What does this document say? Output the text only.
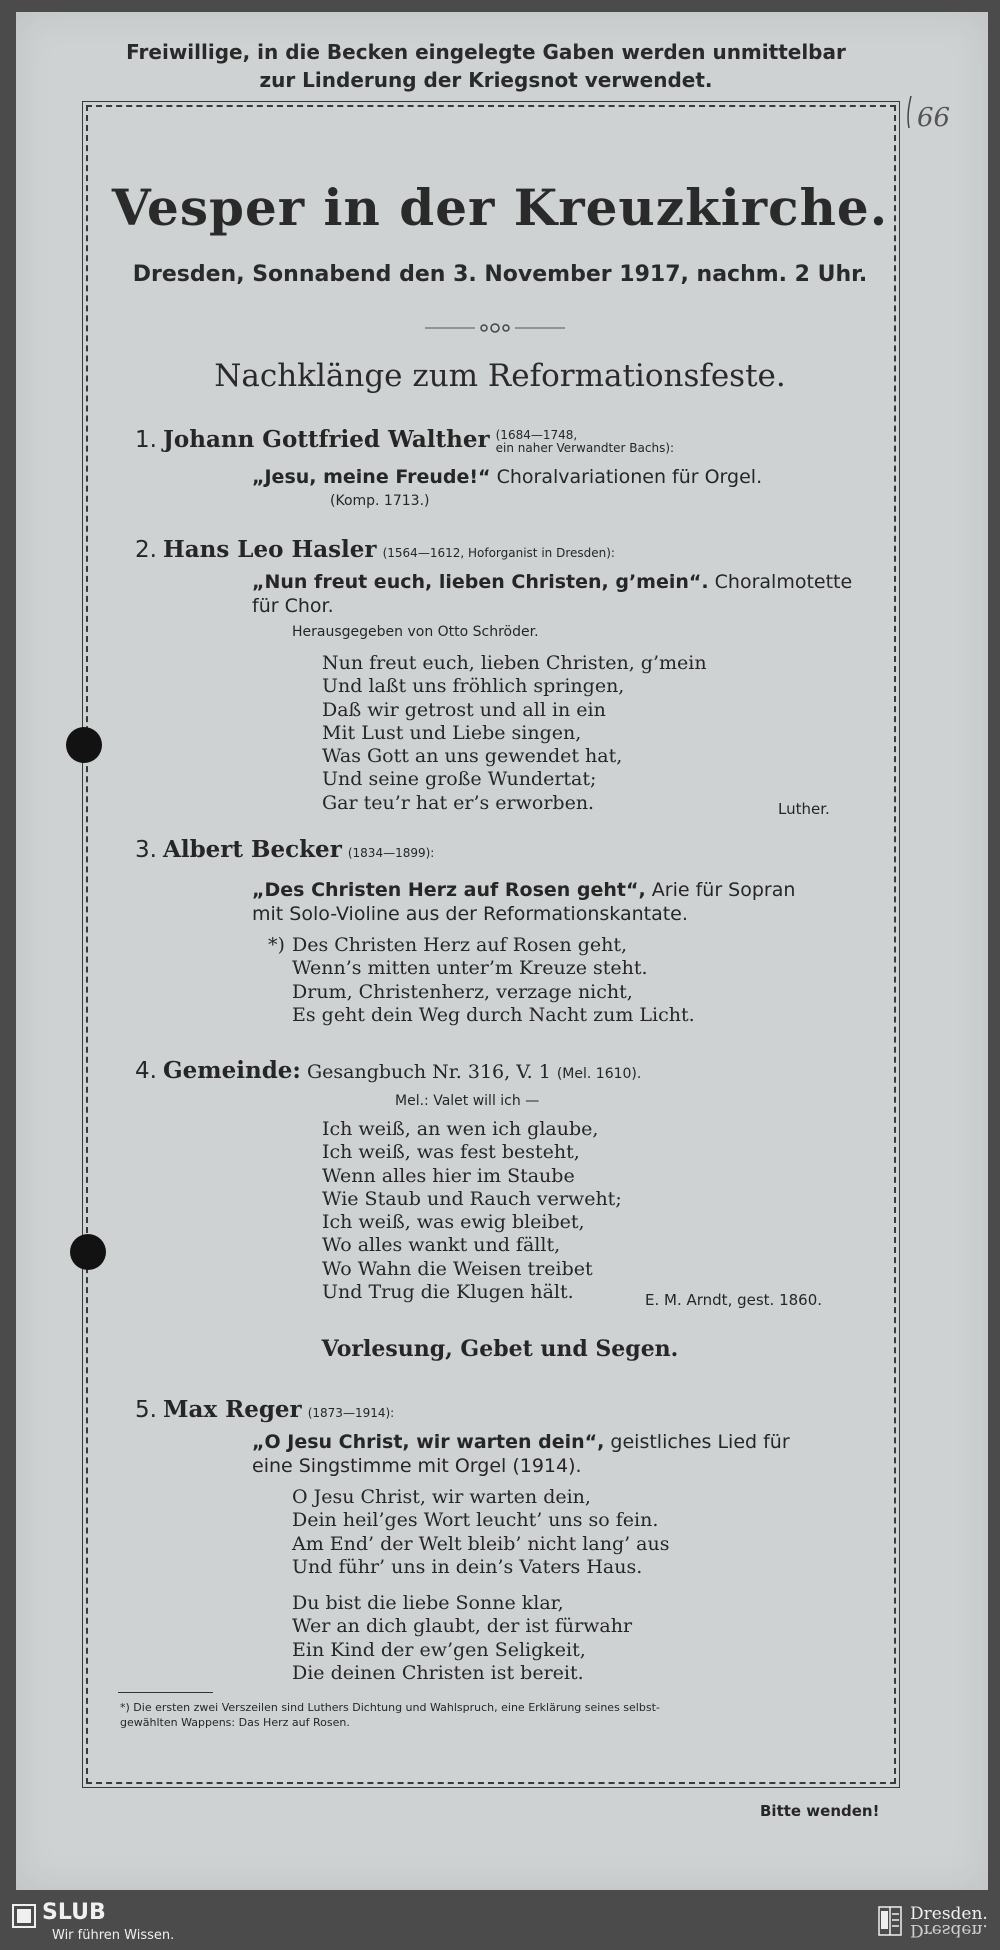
Freiwillige, in die Becken eingelegte Gaben werden unmittelbar
zur Linderung der Kriegsnot verwendet.
66
Vesper in der Kreuzkirche.
Dresden, Sonnabend den 3. November 1917, nachm. 2 Uhr.
Nachklänge zum Reformationsfeste.
1. Johann Gottfried Walther (1684—1748,
ein naher Verwandter Bachs):
„Jesu, meine Freude!“ Choralvariationen für Orgel.
(Komp. 1713.)
2. Hans Leo Hasler (1564—1612, Hoforganist in Dresden):
„Nun freut euch, lieben Christen, g’mein“. Choralmotette
für Chor.
Herausgegeben von Otto Schröder.
Nun freut euch, lieben Christen, g’mein
Und laßt uns fröhlich springen,
Daß wir getrost und all in ein
Mit Lust und Liebe singen,
Was Gott an uns gewendet hat,
Und seine große Wundertat;
Gar teu’r hat er’s erworben.	Luther.
3. Albert Becker (1834—1899):
„Des Christen Herz auf Rosen geht“, Arie für Sopran
mit Solo-Violine aus der Reformationskantate.
*) Des Christen Herz auf Rosen geht,
Wenn’s mitten unter’m Kreuze steht.
Drum, Christenherz, verzage nicht,
Es geht dein Weg durch Nacht zum Licht.
4. Gemeinde: Gesangbuch Nr. 316, V. 1 (Mel. 1610).
Mel.: Valet will ich —
Ich weiß, an wen ich glaube,
Ich weiß, was fest besteht,
Wenn alles hier im Staube
Wie Staub und Rauch verweht;
Ich weiß, was ewig bleibet,
Wo alles wankt und fällt,
Wo Wahn die Weisen treibet
Und Trug die Klugen hält.	E. M. Arndt, gest. 1860.
Vorlesung, Gebet und Segen.
5. Max Reger (1873—1914):
„O Jesu Christ, wir warten dein“, geistliches Lied für
eine Singstimme mit Orgel (1914).
O Jesu Christ, wir warten dein,
Dein heil’ges Wort leucht’ uns so fein.
Am End’ der Welt bleib’ nicht lang’ aus
Und führ’ uns in dein’s Vaters Haus.
Du bist die liebe Sonne klar,
Wer an dich glaubt, der ist fürwahr
Ein Kind der ew’gen Seligkeit,
Die deinen Christen ist bereit.
*) Die ersten zwei Verszeilen sind Luthers Dichtung und Wahlspruch, eine Erklärung seines selbst-
gewählten Wappens: Das Herz auf Rosen.
Bitte wenden!
SLUB
Wir führen Wissen.
Dresden.
Dresden.
